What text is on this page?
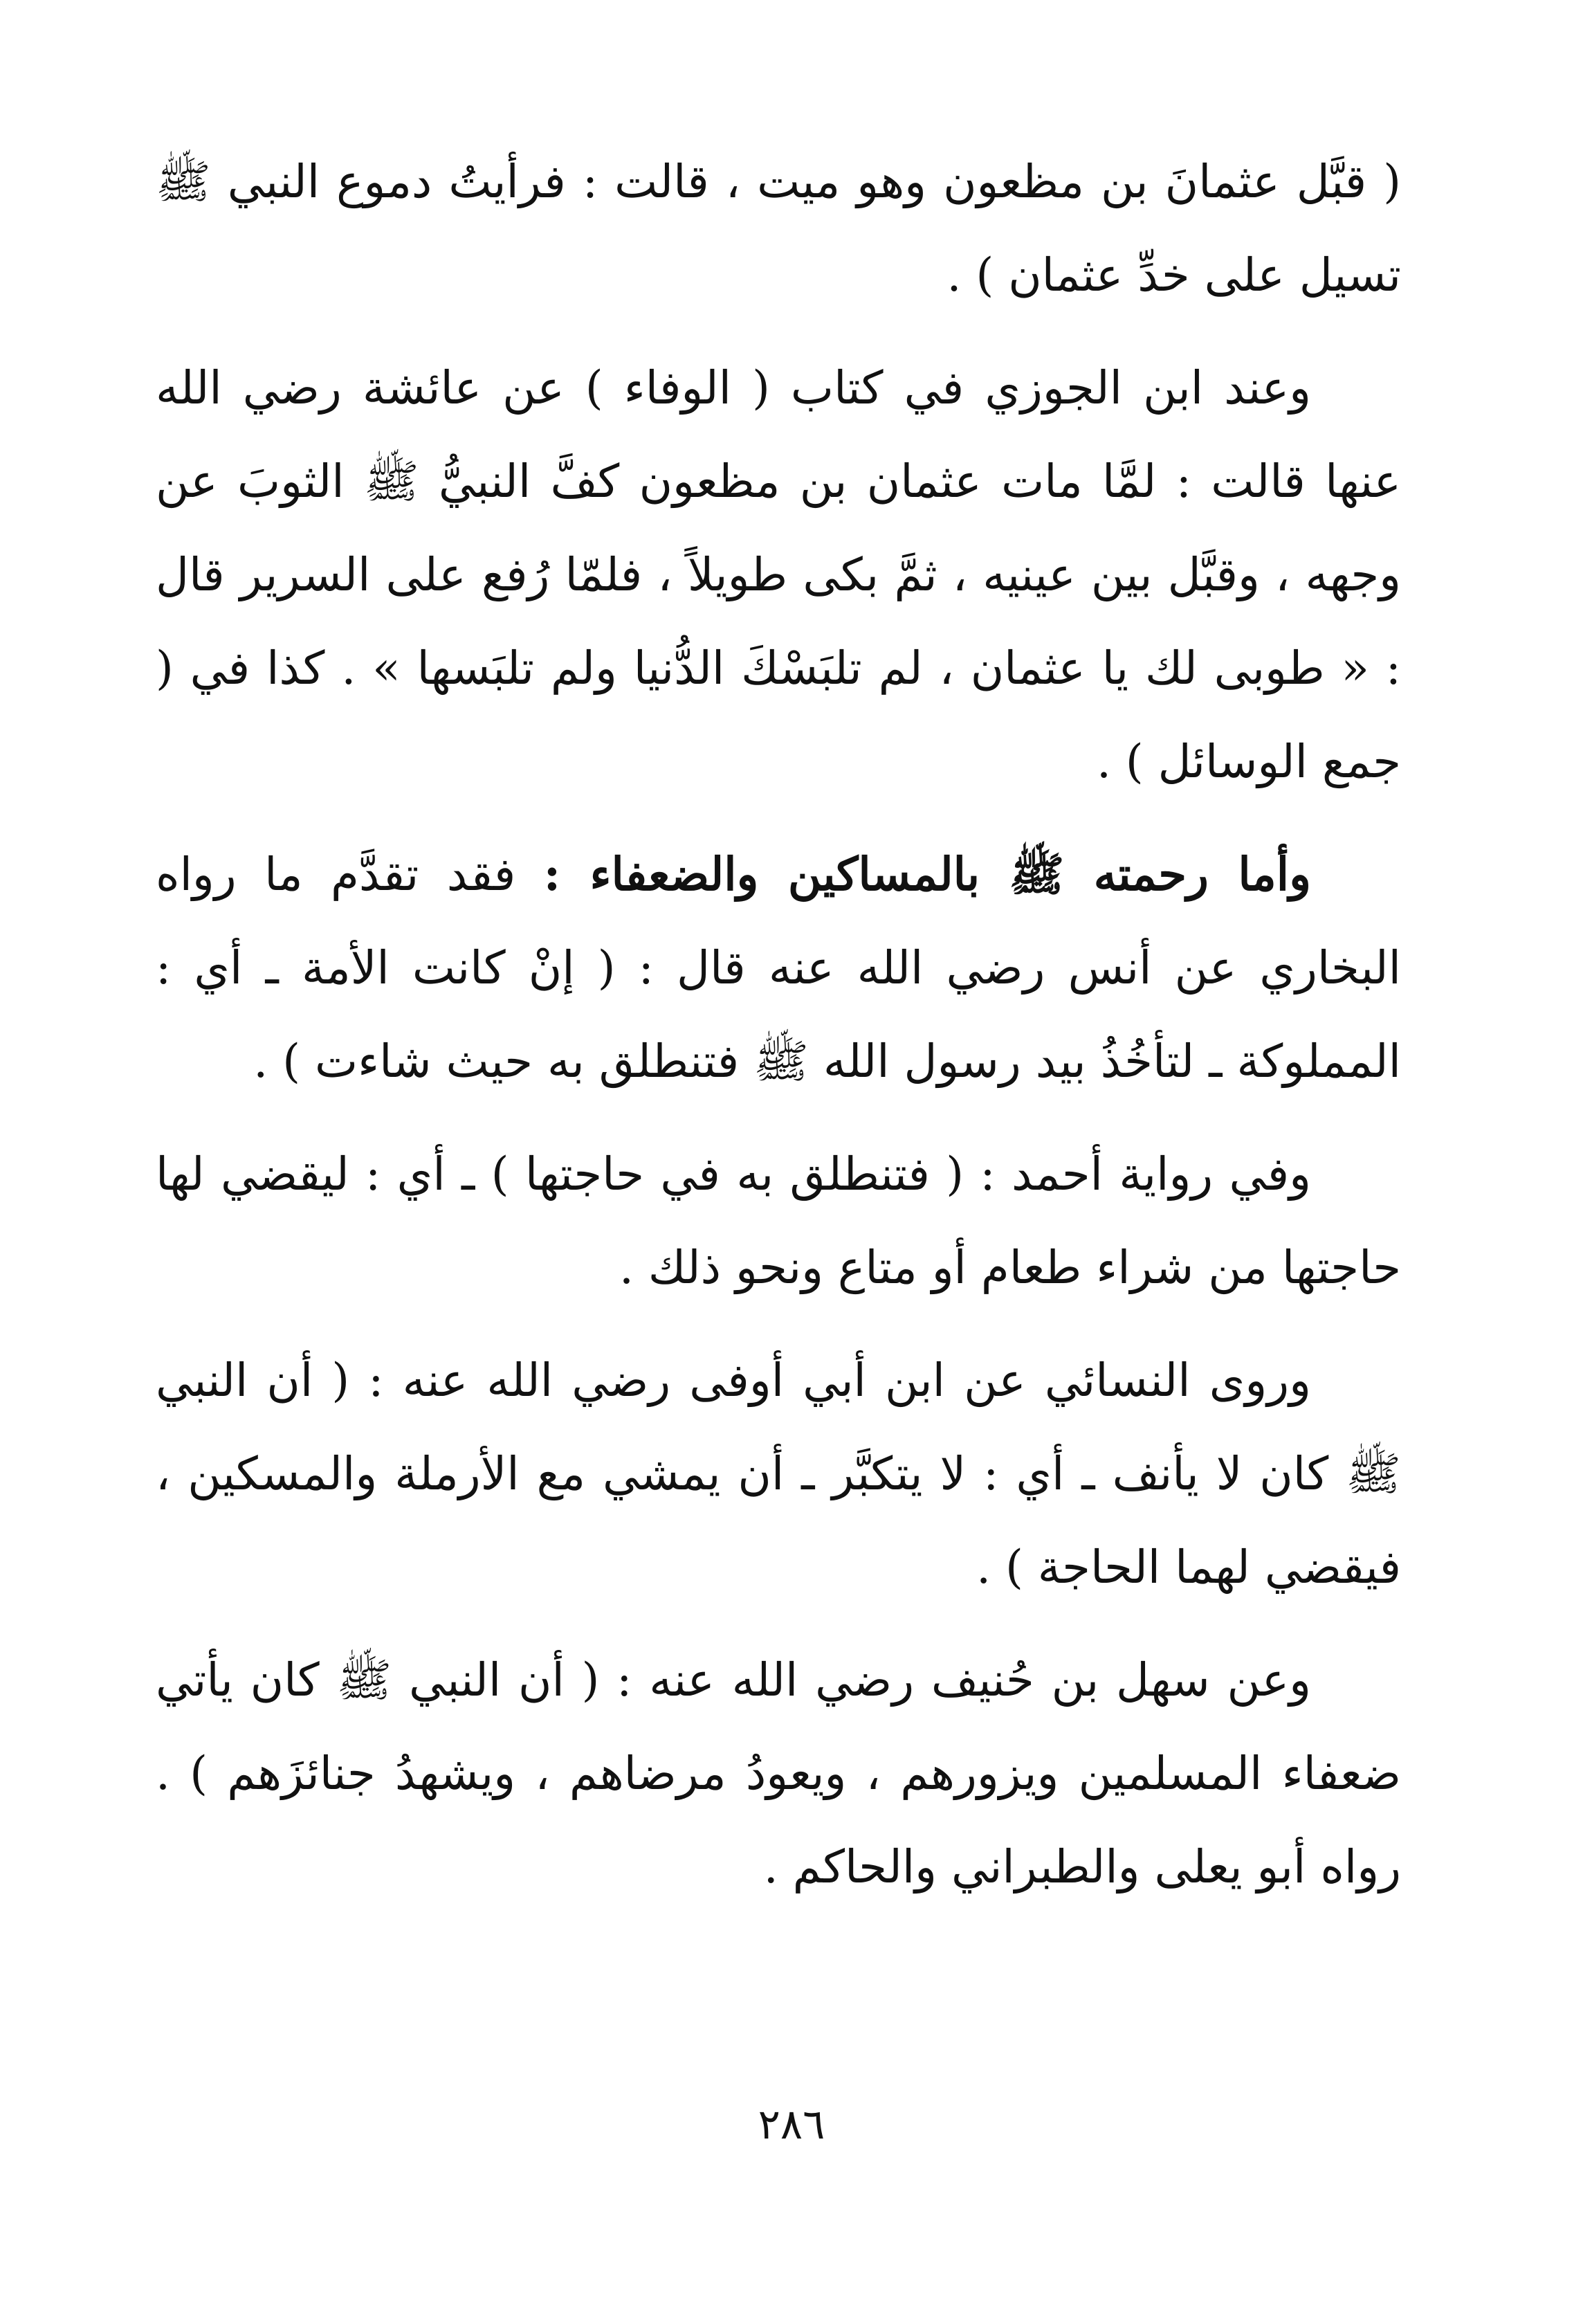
( قبَّل عثمانَ بن مظعون وهو ميت ، قالت : فرأيتُ دموع النبي ﷺ تسيل على خدِّ عثمان ) .

وعند ابن الجوزي في كتاب ( الوفاء ) عن عائشة رضي الله عنها قالت : لمَّا مات عثمان بن مظعون كفَّ النبيُّ ﷺ الثوبَ عن وجهه ، وقبَّل بين عينيه ، ثمَّ بكى طويلاً ، فلمّا رُفع على السرير قال : « طوبى لك يا عثمان ، لم تلبَسْكَ الدُّنيا ولم تلبَسها » . كذا في ( جمع الوسائل ) .

وأما رحمته ﷺ بالمساكين والضعفاء : فقد تقدَّم ما رواه البخاري عن أنس رضي الله عنه قال : ( إنْ كانت الأمة ـ أي : المملوكة ـ لتأخُذُ بيد رسول الله ﷺ فتنطلق به حيث شاءت ) .

وفي رواية أحمد : ( فتنطلق به في حاجتها ) ـ أي : ليقضي لها حاجتها من شراء طعام أو متاع ونحو ذلك .

وروى النسائي عن ابن أبي أوفى رضي الله عنه : ( أن النبي ﷺ كان لا يأنف ـ أي : لا يتكبَّر ـ أن يمشي مع الأرملة والمسكين ، فيقضي لهما الحاجة ) .

وعن سهل بن حُنيف رضي الله عنه : ( أن النبي ﷺ كان يأتي ضعفاء المسلمين ويزورهم ، ويعودُ مرضاهم ، ويشهدُ جنائزَهم ) . رواه أبو يعلى والطبراني والحاكم .

٢٨٦
